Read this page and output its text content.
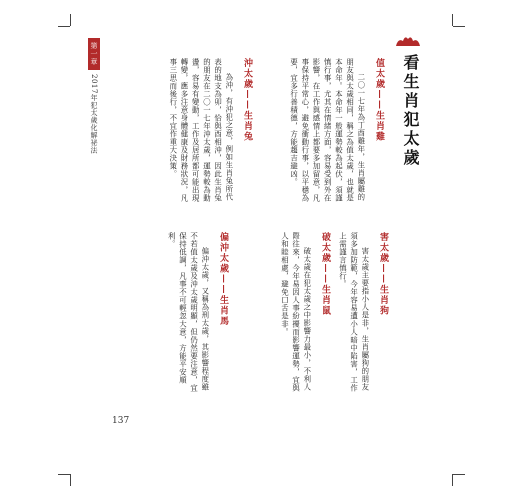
第一章
2017年犯太歲化解祕法	看生肖犯太歲
值太歲——生肖雞

二〇一七年為丁酉雞年，生肖屬雞的朋友與太歲相同，稱之為值太歲，也就是本命年。本命年一般運勢較為起伏，須謹慎行事，尤其在情緒方面，容易受到外在影響，在工作與感情上都要多加留意，凡事保持平常心，避免衝動行事，以平穩為要，宜多行善積德，方能趨吉避凶。

沖太歲——生肖兔

為沖，有沖犯之意，例如生肖兔所代表的地支為卯，恰與酉相沖，因此生肖兔的朋友在二〇一七年沖太歲，運勢較為動盪，容易有變動，工作及居所都可能出現轉變，應多注意身體健康及財務狀況，凡事三思而後行，不宜作重大決策。

害太歲——生肖狗

害太歲主要指小人是非，生肖屬狗的朋友須多加防範，今年容易遭小人暗中陷害，工作上需謹言慎行。

破太歲——生肖鼠

破太歲在犯太歲之中影響力最小，不利人際往來，今年易因人事紛擾而影響運勢，宜與人和睦相處，避免口舌是非。

偏沖太歲——生肖馬

偏沖太歲，又稱為刑太歲，其影響程度雖不若值太歲及沖太歲明顯，但仍然要注意，宜保持低調，凡事不可輕忽大意，方能平安順利。

137
